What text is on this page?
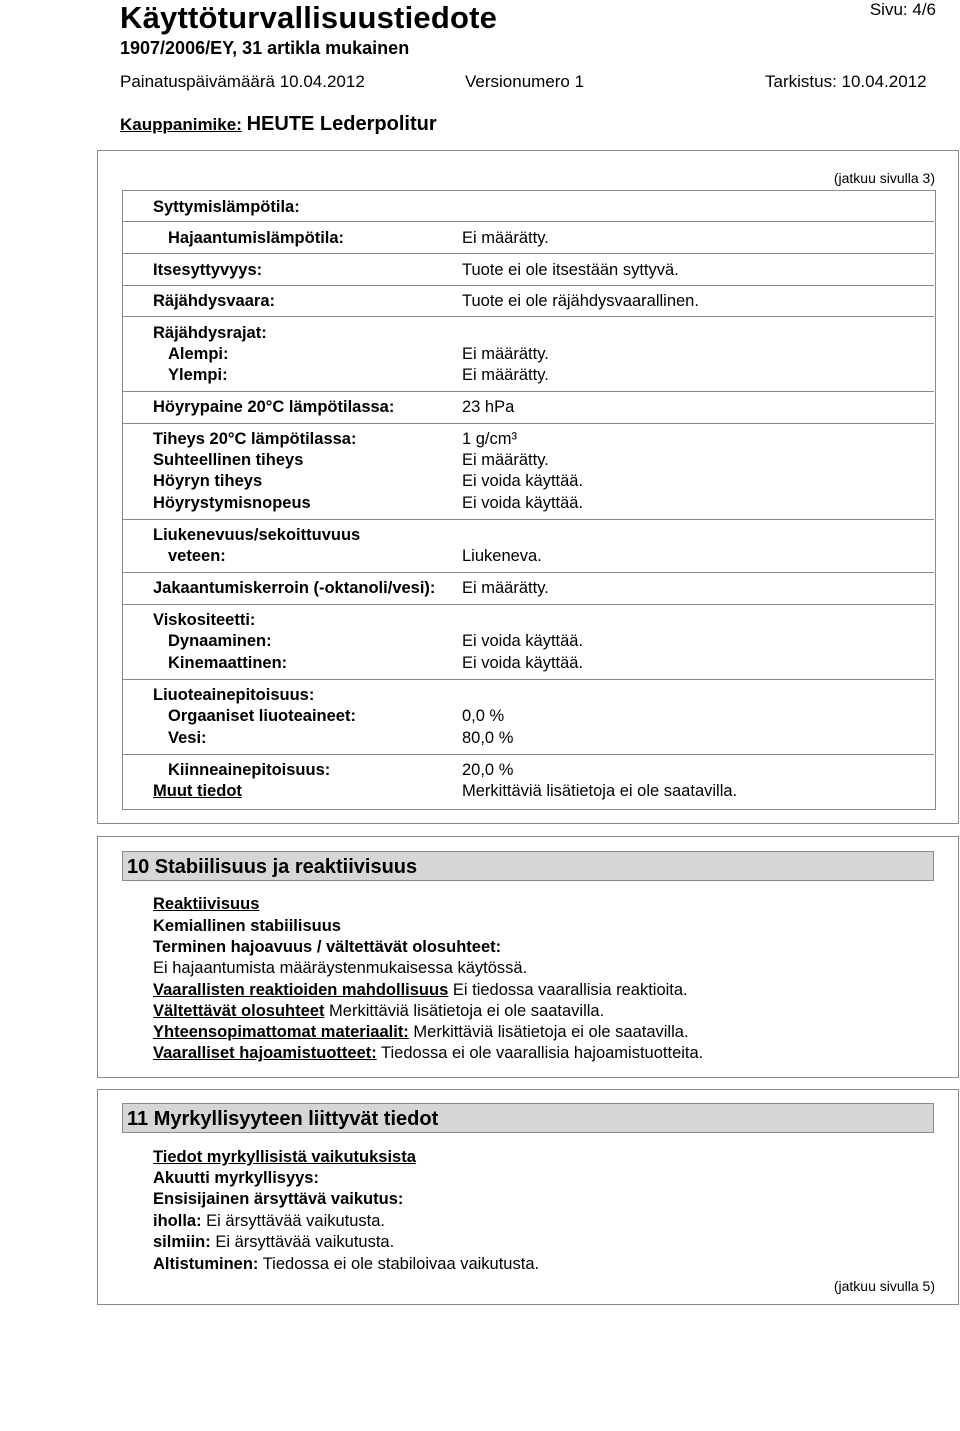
Käyttöturvallisuustiedote	Sivu: 4/6
1907/2006/EY, 31 artikla mukainen
Painatuspäivämäärä 10.04.2012	Versionumero 1	Tarkistus: 10.04.2012
Kauppanimike: HEUTE Lederpolitur
(jatkuu sivulla 3)
Syttymislämpötila:
Hajaantumislämpötila:	Ei määrätty.
Itsesyttyvyys:	Tuote ei ole itsestään syttyvä.
Räjähdysvaara:	Tuote ei ole räjähdysvaarallinen.
Räjähdysrajat:
Alempi:	Ei määrätty.
Ylempi:	Ei määrätty.
Höyrypaine 20°C lämpötilassa:	23 hPa
Tiheys 20°C lämpötilassa:	1 g/cm³
Suhteellinen tiheys	Ei määrätty.
Höyryn tiheys	Ei voida käyttää.
Höyrystymisnopeus	Ei voida käyttää.
Liukenevuus/sekoittuvuus
veteen:	Liukeneva.
Jakaantumiskerroin (-oktanoli/vesi): Ei määrätty.
Viskositeetti:
Dynaaminen:	Ei voida käyttää.
Kinemaattinen:	Ei voida käyttää.
Liuoteainepitoisuus:
Orgaaniset liuoteaineet:	0,0 %
Vesi:	80,0 %
Kiinneainepitoisuus:	20,0 %
Muut tiedot	Merkittäviä lisätietoja ei ole saatavilla.
10 Stabiilisuus ja reaktiivisuus
Reaktiivisuus
Kemiallinen stabiilisuus
Terminen hajoavuus / vältettävät olosuhteet:
Ei hajaantumista määräystenmukaisessa käytössä.
Vaarallisten reaktioiden mahdollisuus Ei tiedossa vaarallisia reaktioita.
Vältettävät olosuhteet Merkittäviä lisätietoja ei ole saatavilla.
Yhteensopimattomat materiaalit: Merkittäviä lisätietoja ei ole saatavilla.
Vaaralliset hajoamistuotteet: Tiedossa ei ole vaarallisia hajoamistuotteita.
11 Myrkyllisyyteen liittyvät tiedot
Tiedot myrkyllisistä vaikutuksista
Akuutti myrkyllisyys:
Ensisijainen ärsyttävä vaikutus:
iholla: Ei ärsyttävää vaikutusta.
silmiin: Ei ärsyttävää vaikutusta.
Altistuminen: Tiedossa ei ole stabiloivaa vaikutusta.
(jatkuu sivulla 5)
